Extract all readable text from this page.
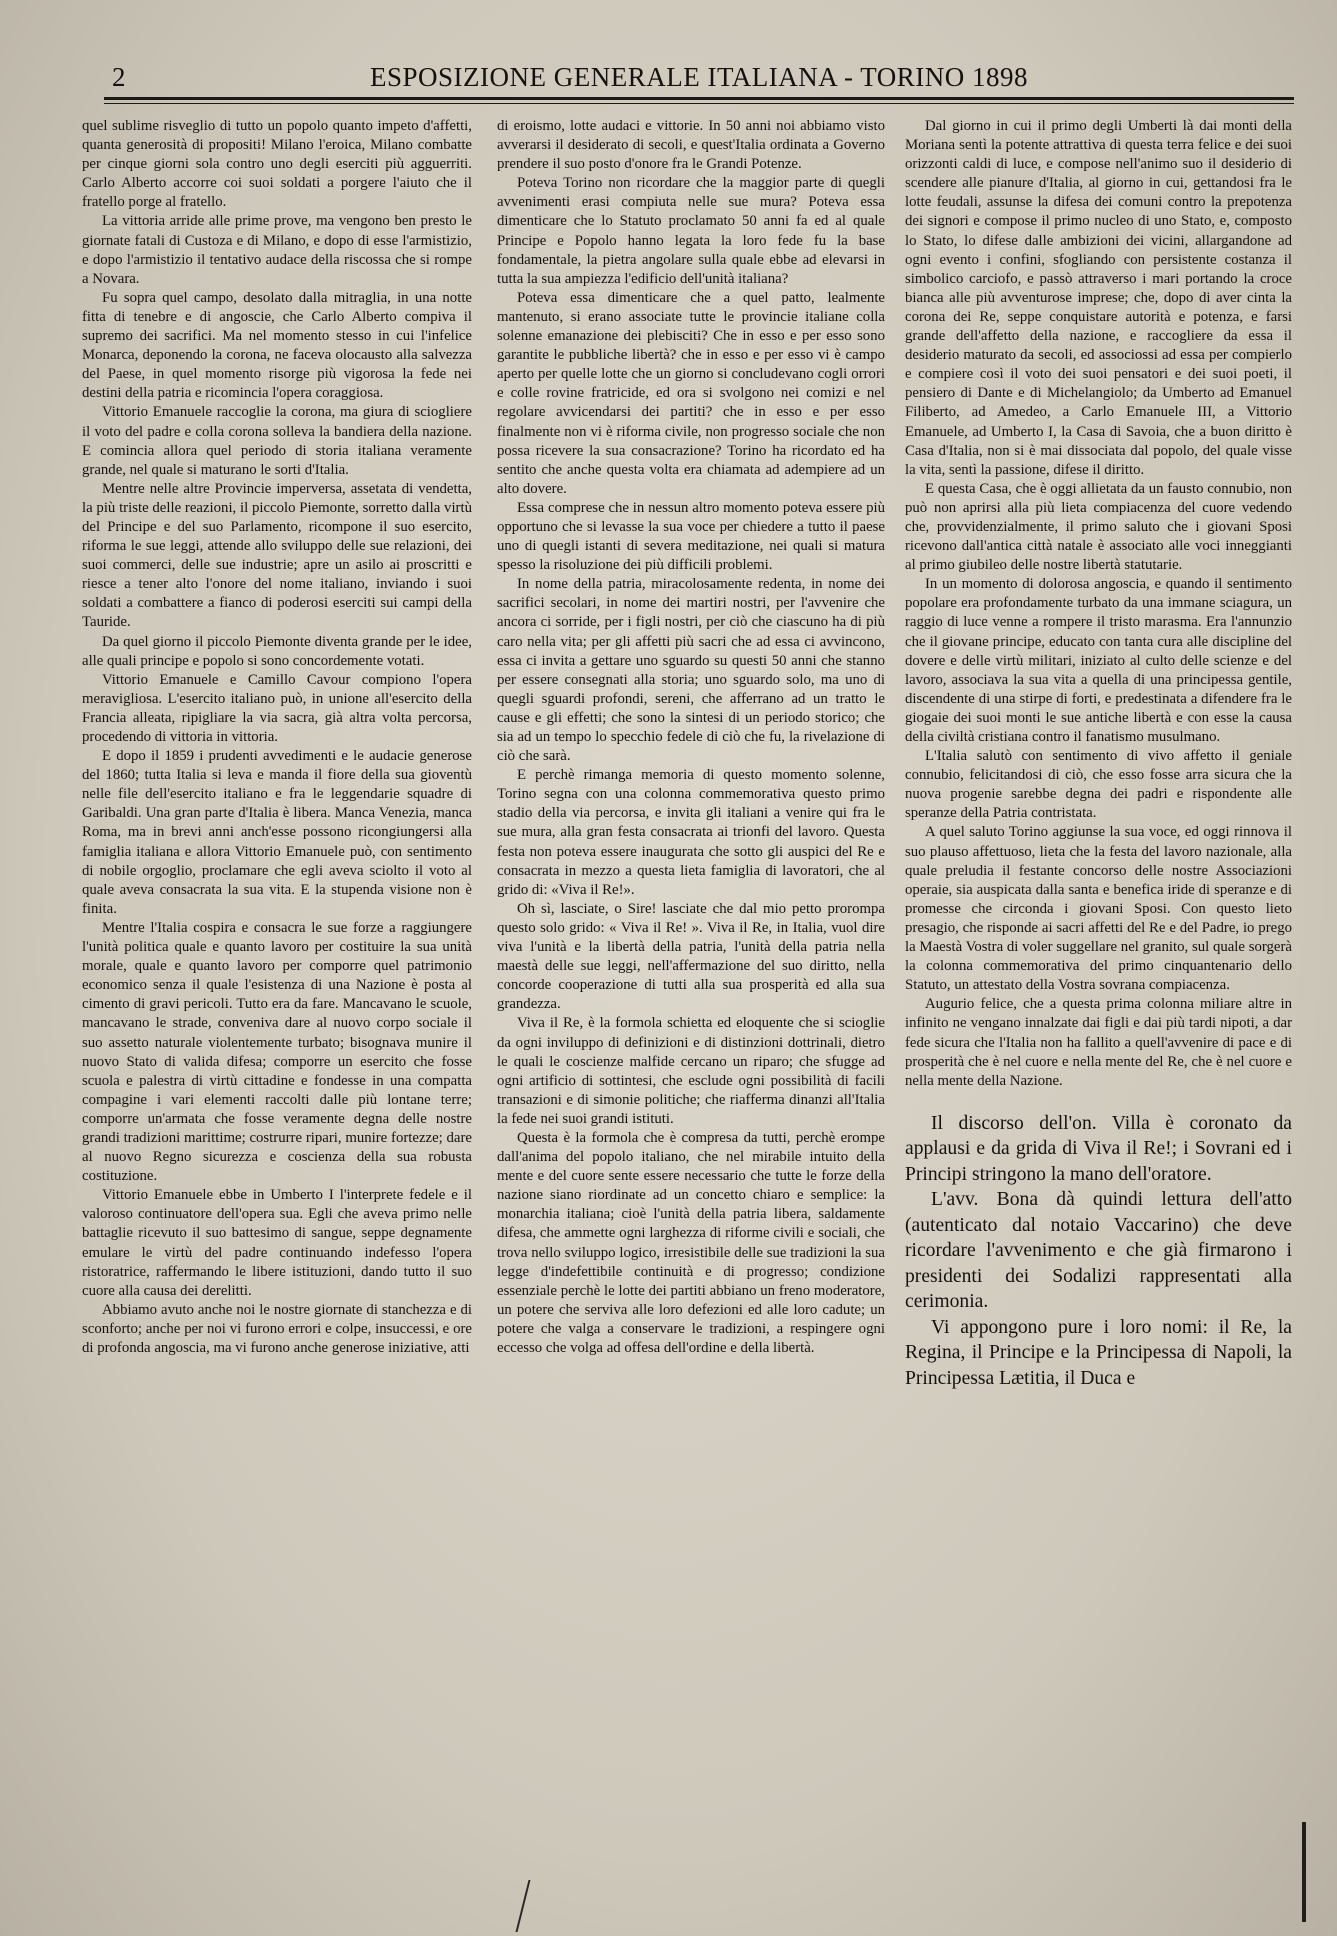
2	ESPOSIZIONE GENERALE ITALIANA - TORINO 1898

quel sublime risveglio di tutto un popolo quanto impeto d'affetti, quanta generosità di propositi! Milano l'eroica, Milano combatte per cinque giorni sola contro uno degli eserciti più agguerriti. Carlo Alberto accorre coi suoi soldati a porgere l'aiuto che il fratello porge al fratello.

La vittoria arride alle prime prove, ma vengono ben presto le giornate fatali di Custoza e di Milano, e dopo di esse l'armistizio, e dopo l'armistizio il tentativo audace della riscossa che si rompe a Novara.

Fu sopra quel campo, desolato dalla mitraglia, in una notte fitta di tenebre e di angoscie, che Carlo Alberto compiva il supremo dei sacrifici. Ma nel momento stesso in cui l'infelice Monarca, deponendo la corona, ne faceva olocausto alla salvezza del Paese, in quel momento risorge più vigorosa la fede nei destini della patria e ricomincia l'opera coraggiosa.

Vittorio Emanuele raccoglie la corona, ma giura di sciogliere il voto del padre e colla corona solleva la bandiera della nazione. E comincia allora quel periodo di storia italiana veramente grande, nel quale si maturano le sorti d'Italia.

Mentre nelle altre Provincie imperversa, assetata di vendetta, la più triste delle reazioni, il piccolo Piemonte, sorretto dalla virtù del Principe e del suo Parlamento, ricompone il suo esercito, riforma le sue leggi, attende allo sviluppo delle sue relazioni, dei suoi commerci, delle sue industrie; apre un asilo ai proscritti e riesce a tener alto l'onore del nome italiano, inviando i suoi soldati a combattere a fianco di poderosi eserciti sui campi della Tauride.

Da quel giorno il piccolo Piemonte diventa grande per le idee, alle quali principe e popolo si sono concordemente votati.

Vittorio Emanuele e Camillo Cavour compiono l'opera meravigliosa. L'esercito italiano può, in unione all'esercito della Francia alleata, ripigliare la via sacra, già altra volta percorsa, procedendo di vittoria in vittoria.

E dopo il 1859 i prudenti avvedimenti e le audacie generose del 1860; tutta Italia si leva e manda il fiore della sua gioventù nelle file dell'esercito italiano e fra le leggendarie squadre di Garibaldi. Una gran parte d'Italia è libera. Manca Venezia, manca Roma, ma in brevi anni anch'esse possono ricongiungersi alla famiglia italiana e allora Vittorio Emanuele può, con sentimento di nobile orgoglio, proclamare che egli aveva sciolto il voto al quale aveva consacrata la sua vita. E la stupenda visione non è finita.

Mentre l'Italia cospira e consacra le sue forze a raggiungere l'unità politica quale e quanto lavoro per costituire la sua unità morale, quale e quanto lavoro per comporre quel patrimonio economico senza il quale l'esistenza di una Nazione è posta al cimento di gravi pericoli. Tutto era da fare. Mancavano le scuole, mancavano le strade, conveniva dare al nuovo corpo sociale il suo assetto naturale violentemente turbato; bisognava munire il nuovo Stato di valida difesa; comporre un esercito che fosse scuola e palestra di virtù cittadine e fondesse in una compatta compagine i vari elementi raccolti dalle più lontane terre; comporre un'armata che fosse veramente degna delle nostre grandi tradizioni marittime; costrurre ripari, munire fortezze; dare al nuovo Regno sicurezza e coscienza della sua robusta costituzione.

Vittorio Emanuele ebbe in Umberto I l'interprete fedele e il valoroso continuatore dell'opera sua. Egli che aveva primo nelle battaglie ricevuto il suo battesimo di sangue, seppe degnamente emulare le virtù del padre continuando indefesso l'opera ristoratrice, raffermando le libere istituzioni, dando tutto il suo cuore alla causa dei derelitti.

Abbiamo avuto anche noi le nostre giornate di stanchezza e di sconforto; anche per noi vi furono errori e colpe, insuccessi, e ore di profonda angoscia, ma vi furono anche generose iniziative, atti

di eroismo, lotte audaci e vittorie. In 50 anni noi abbiamo visto avverarsi il desiderato di secoli, e quest'Italia ordinata a Governo prendere il suo posto d'onore fra le Grandi Potenze.

Poteva Torino non ricordare che la maggior parte di quegli avvenimenti erasi compiuta nelle sue mura? Poteva essa dimenticare che lo Statuto proclamato 50 anni fa ed al quale Principe e Popolo hanno legata la loro fede fu la base fondamentale, la pietra angolare sulla quale ebbe ad elevarsi in tutta la sua ampiezza l'edificio dell'unità italiana?

Poteva essa dimenticare che a quel patto, lealmente mantenuto, si erano associate tutte le provincie italiane colla solenne emanazione dei plebisciti? Che in esso e per esso sono garantite le pubbliche libertà? che in esso e per esso vi è campo aperto per quelle lotte che un giorno si concludevano cogli orrori e colle rovine fratricide, ed ora si svolgono nei comizi e nel regolare avvicendarsi dei partiti? che in esso e per esso finalmente non vi è riforma civile, non progresso sociale che non possa ricevere la sua consacrazione? Torino ha ricordato ed ha sentito che anche questa volta era chiamata ad adempiere ad un alto dovere.

Essa comprese che in nessun altro momento poteva essere più opportuno che si levasse la sua voce per chiedere a tutto il paese uno di quegli istanti di severa meditazione, nei quali si matura spesso la risoluzione dei più difficili problemi.

In nome della patria, miracolosamente redenta, in nome dei sacrifici secolari, in nome dei martiri nostri, per l'avvenire che ancora ci sorride, per i figli nostri, per ciò che ciascuno ha di più caro nella vita; per gli affetti più sacri che ad essa ci avvincono, essa ci invita a gettare uno sguardo su questi 50 anni che stanno per essere consegnati alla storia; uno sguardo solo, ma uno di quegli sguardi profondi, sereni, che afferrano ad un tratto le cause e gli effetti; che sono la sintesi di un periodo storico; che sia ad un tempo lo specchio fedele di ciò che fu, la rivelazione di ciò che sarà.

E perchè rimanga memoria di questo momento solenne, Torino segna con una colonna commemorativa questo primo stadio della via percorsa, e invita gli italiani a venire qui fra le sue mura, alla gran festa consacrata ai trionfi del lavoro. Questa festa non poteva essere inaugurata che sotto gli auspici del Re e consacrata in mezzo a questa lieta famiglia di lavoratori, che al grido di: «Viva il Re!».

Oh sì, lasciate, o Sire! lasciate che dal mio petto prorompa questo solo grido: « Viva il Re! ». Viva il Re, in Italia, vuol dire viva l'unità e la libertà della patria, l'unità della patria nella maestà delle sue leggi, nell'affermazione del suo diritto, nella concorde cooperazione di tutti alla sua prosperità ed alla sua grandezza.

Viva il Re, è la formola schietta ed eloquente che si scioglie da ogni inviluppo di definizioni e di distinzioni dottrinali, dietro le quali le coscienze malfide cercano un riparo; che sfugge ad ogni artificio di sottintesi, che esclude ogni possibilità di facili transazioni e di simonie politiche; che riafferma dinanzi all'Italia la fede nei suoi grandi istituti.

Questa è la formola che è compresa da tutti, perchè erompe dall'anima del popolo italiano, che nel mirabile intuito della mente e del cuore sente essere necessario che tutte le forze della nazione siano riordinate ad un concetto chiaro e semplice: la monarchia italiana; cioè l'unità della patria libera, saldamente difesa, che ammette ogni larghezza di riforme civili e sociali, che trova nello sviluppo logico, irresistibile delle sue tradizioni la sua legge d'indefettibile continuità e di progresso; condizione essenziale perchè le lotte dei partiti abbiano un freno moderatore, un potere che serviva alle loro defezioni ed alle loro cadute; un potere che valga a conservare le tradizioni, a respingere ogni eccesso che volga ad offesa dell'ordine e della libertà.

Dal giorno in cui il primo degli Umberti là dai monti della Moriana sentì la potente attrattiva di questa terra felice e dei suoi orizzonti caldi di luce, e compose nell'animo suo il desiderio di scendere alle pianure d'Italia, al giorno in cui, gettandosi fra le lotte feudali, assunse la difesa dei comuni contro la prepotenza dei signori e compose il primo nucleo di uno Stato, e, composto lo Stato, lo difese dalle ambizioni dei vicini, allargandone ad ogni evento i confini, sfogliando con persistente costanza il simbolico carciofo, e passò attraverso i mari portando la croce bianca alle più avventurose imprese; che, dopo di aver cinta la corona dei Re, seppe conquistare autorità e potenza, e farsi grande dell'affetto della nazione, e raccogliere da essa il desiderio maturato da secoli, ed associossi ad essa per compierlo e compiere così il voto dei suoi pensatori e dei suoi poeti, il pensiero di Dante e di Michelangiolo; da Umberto ad Emanuel Filiberto, ad Amedeo, a Carlo Emanuele III, a Vittorio Emanuele, ad Umberto I, la Casa di Savoia, che a buon diritto è Casa d'Italia, non si è mai dissociata dal popolo, del quale visse la vita, sentì la passione, difese il diritto.

E questa Casa, che è oggi allietata da un fausto connubio, non può non aprirsi alla più lieta compiacenza del cuore vedendo che, provvidenzialmente, il primo saluto che i giovani Sposi ricevono dall'antica città natale è associato alle voci inneggianti al primo giubileo delle nostre libertà statutarie.

In un momento di dolorosa angoscia, e quando il sentimento popolare era profondamente turbato da una immane sciagura, un raggio di luce venne a rompere il tristo marasma. Era l'annunzio che il giovane principe, educato con tanta cura alle discipline del dovere e delle virtù militari, iniziato al culto delle scienze e del lavoro, associava la sua vita a quella di una principessa gentile, discendente di una stirpe di forti, e predestinata a difendere fra le giogaie dei suoi monti le sue antiche libertà e con esse la causa della civiltà cristiana contro il fanatismo musulmano.

L'Italia salutò con sentimento di vivo affetto il geniale connubio, felicitandosi di ciò, che esso fosse arra sicura che la nuova progenie sarebbe degna dei padri e rispondente alle speranze della Patria contristata.

A quel saluto Torino aggiunse la sua voce, ed oggi rinnova il suo plauso affettuoso, lieta che la festa del lavoro nazionale, alla quale preludia il festante concorso delle nostre Associazioni operaie, sia auspicata dalla santa e benefica iride di speranze e di promesse che circonda i giovani Sposi. Con questo lieto presagio, che risponde ai sacri affetti del Re e del Padre, io prego la Maestà Vostra di voler suggellare nel granito, sul quale sorgerà la colonna commemorativa del primo cinquantenario dello Statuto, un attestato della Vostra sovrana compiacenza.

Augurio felice, che a questa prima colonna miliare altre in infinito ne vengano innalzate dai figli e dai più tardi nipoti, a dar fede sicura che l'Italia non ha fallito a quell'avvenire di pace e di prosperità che è nel cuore e nella mente del Re, che è nel cuore e nella mente della Nazione.

Il discorso dell'on. Villa è coronato da applausi e da grida di Viva il Re!; i Sovrani ed i Principi stringono la mano dell'oratore.

L'avv. Bona dà quindi lettura dell'atto (autenticato dal notaio Vaccarino) che deve ricordare l'avvenimento e che già firmarono i presidenti dei Sodalizi rappresentati alla cerimonia.

Vi appongono pure i loro nomi: il Re, la Regina, il Principe e la Principessa di Napoli, la Principessa Lætitia, il Duca e
